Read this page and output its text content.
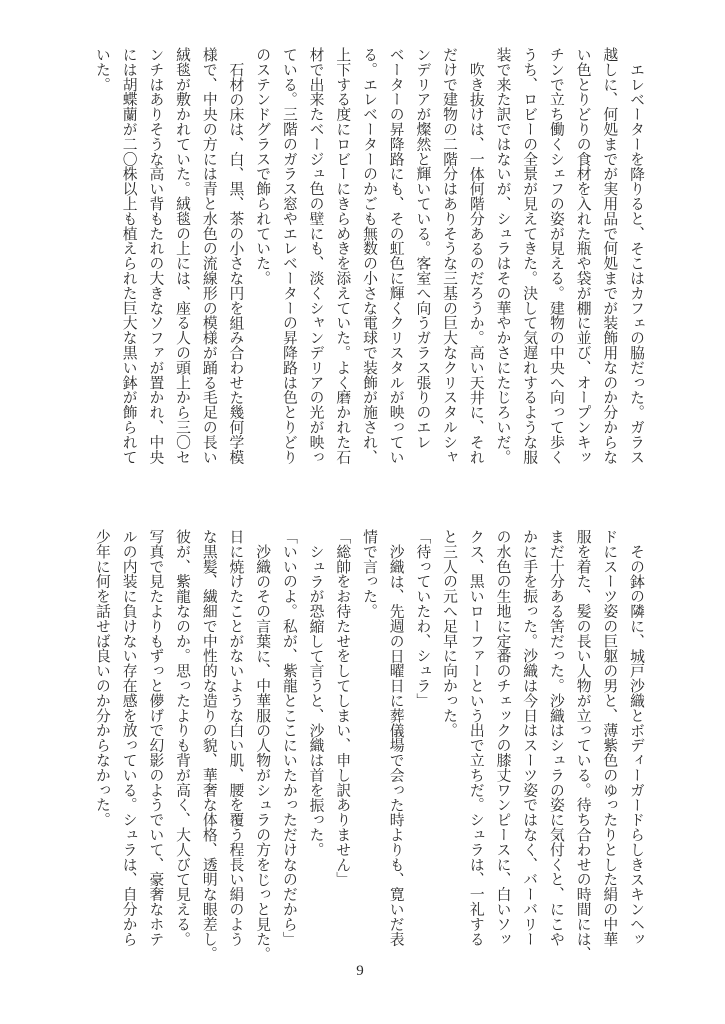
エレベーターを降りると、そこはカフェの脇だった。ガラス
越しに、何処までが実用品で何処までが装飾用なのか分からな
い色とりどりの食材を入れた瓶や袋が棚に並び、オープンキッ
チンで立ち働くシェフの姿が見える。建物の中央へ向って歩く
うち、ロビーの全景が見えてきた。決して気遅れするような服
装で来た訳ではないが、シュラはその華やかさにたじろいだ。
吹き抜けは、一体何階分あるのだろうか。高い天井に、それ
だけで建物の二階分はありそうな三基の巨大なクリスタルシャ
ンデリアが燦然と輝いている。客室へ向うガラス張りのエレ
ベーターの昇降路にも、その虹色に輝くクリスタルが映ってい
る。エレベーターのかごも無数の小さな電球で装飾が施され、
上下する度にロビーにきらめきを添えていた。よく磨かれた石
材で出来たベージュ色の壁にも、淡くシャンデリアの光が映っ
ている。三階のガラス窓やエレベーターの昇降路は色とりどり
のステンドグラスで飾られていた。
石材の床は、白、黒、茶の小さな円を組み合わせた幾何学模
様で、中央の方には青と水色の流線形の模様が踊る毛足の長い
絨毯が敷かれていた。絨毯の上には、座る人の頭上から三〇セ
ンチはありそうな高い背もたれの大きなソファが置かれ、中央
には胡蝶蘭が二〇株以上も植えられた巨大な黒い鉢が飾られて
いた。
その鉢の隣に、城戸沙織とボディーガードらしきスキンヘッ
ドにスーツ姿の巨躯の男と、薄紫色のゆったりとした絹の中華
服を着た、髪の長い人物が立っている。待ち合わせの時間には、
まだ十分ある筈だった。沙織はシュラの姿に気付くと、にこや
かに手を振った。沙織は今日はスーツ姿ではなく、バーバリー
の水色の生地に定番のチェックの膝丈ワンピースに、白いソッ
クス、黒いローファーという出で立ちだ。シュラは、一礼する
と三人の元へ足早に向かった。
「待っていたわ、シュラ」
沙織は、先週の日曜日に葬儀場で会った時よりも、寛いだ表
情で言った。
「総帥をお待たせをしてしまい、申し訳ありません」
シュラが恐縮して言うと、沙織は首を振った。
「いいのよ。私が、紫龍とここにいたかっただけなのだから」
沙織のその言葉に、中華服の人物がシュラの方をじっと見た。
日に焼けたことがないような白い肌、腰を覆う程長い絹のよう
な黒髪、繊細で中性的な造りの貌、華奢な体格、透明な眼差し。
彼が、紫龍なのか。思ったよりも背が高く、大人びて見える。
写真で見たよりもずっと儚げで幻影のようでいて、豪奢なホテ
ルの内装に負けない存在感を放っている。シュラは、自分から
少年に何を話せば良いのか分からなかった。
9
